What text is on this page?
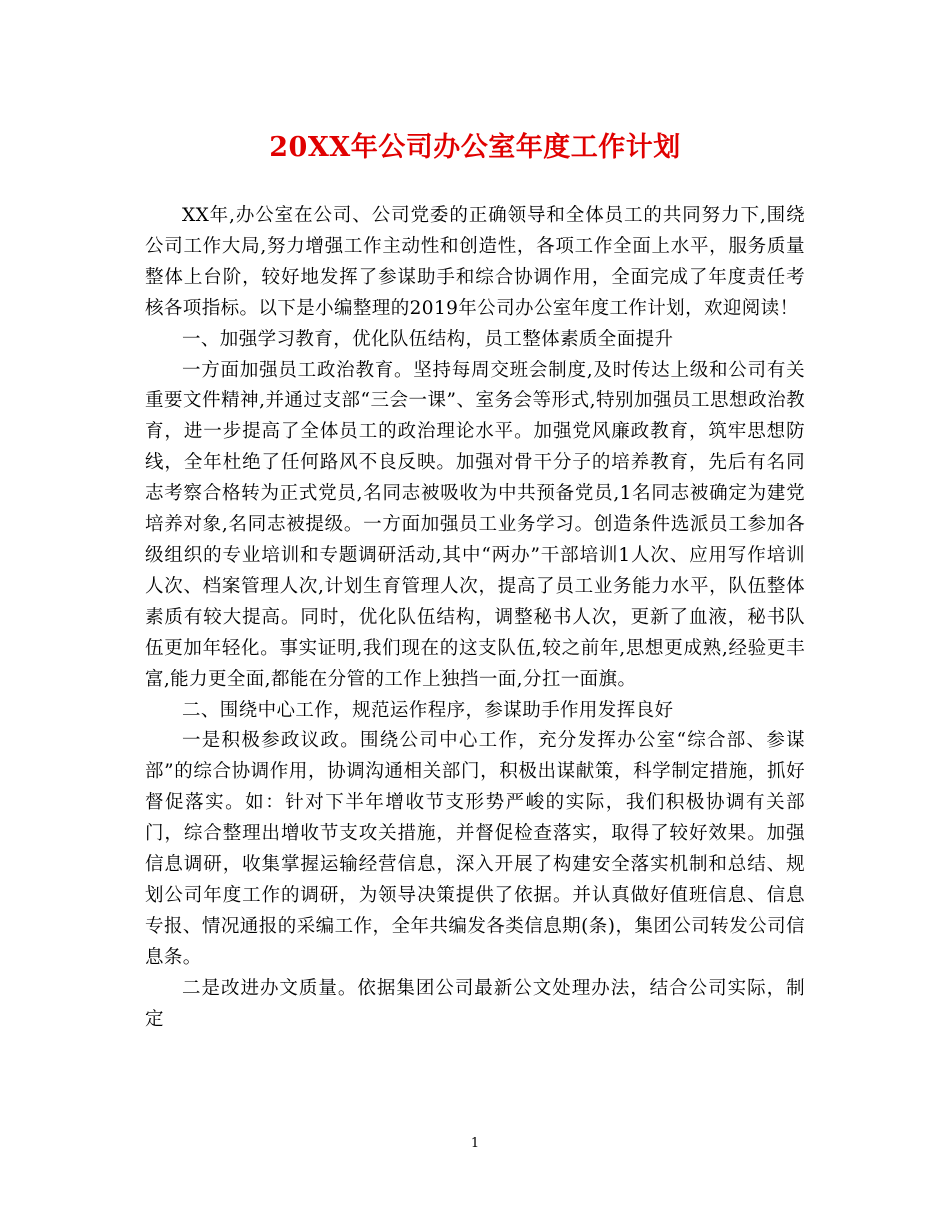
20XX年公司办公室年度工作计划

XX年,办公室在公司、公司党委的正确领导和全体员工的共同努力下,围绕公司工作大局,努力增强工作主动性和创造性，各项工作全面上水平，服务质量整体上台阶，较好地发挥了参谋助手和综合协调作用，全面完成了年度责任考核各项指标。以下是小编整理的2019年公司办公室年度工作计划，欢迎阅读！

一、加强学习教育，优化队伍结构，员工整体素质全面提升

一方面加强员工政治教育。坚持每周交班会制度,及时传达上级和公司有关重要文件精神,并通过支部“三会一课”、室务会等形式,特别加强员工思想政治教育，进一步提高了全体员工的政治理论水平。加强党风廉政教育，筑牢思想防线，全年杜绝了任何路风不良反映。加强对骨干分子的培养教育，先后有名同志考察合格转为正式党员,名同志被吸收为中共预备党员,1名同志被确定为建党培养对象,名同志被提级。一方面加强员工业务学习。创造条件选派员工参加各级组织的专业培训和专题调研活动,其中“两办”干部培训1人次、应用写作培训人次、档案管理人次,计划生育管理人次，提高了员工业务能力水平，队伍整体素质有较大提高。同时，优化队伍结构，调整秘书人次，更新了血液，秘书队伍更加年轻化。事实证明,我们现在的这支队伍,较之前年,思想更成熟,经验更丰富,能力更全面,都能在分管的工作上独挡一面,分扛一面旗。

二、围绕中心工作，规范运作程序，参谋助手作用发挥良好

一是积极参政议政。围绕公司中心工作，充分发挥办公室“综合部、参谋部”的综合协调作用，协调沟通相关部门，积极出谋献策，科学制定措施，抓好督促落实。如：针对下半年增收节支形势严峻的实际，我们积极协调有关部门，综合整理出增收节支攻关措施，并督促检查落实，取得了较好效果。加强信息调研，收集掌握运输经营信息，深入开展了构建安全落实机制和总结、规划公司年度工作的调研，为领导决策提供了依据。并认真做好值班信息、信息专报、情况通报的采编工作，全年共编发各类信息期(条)，集团公司转发公司信息条。

二是改进办文质量。依据集团公司最新公文处理办法，结合公司实际，制定

1
